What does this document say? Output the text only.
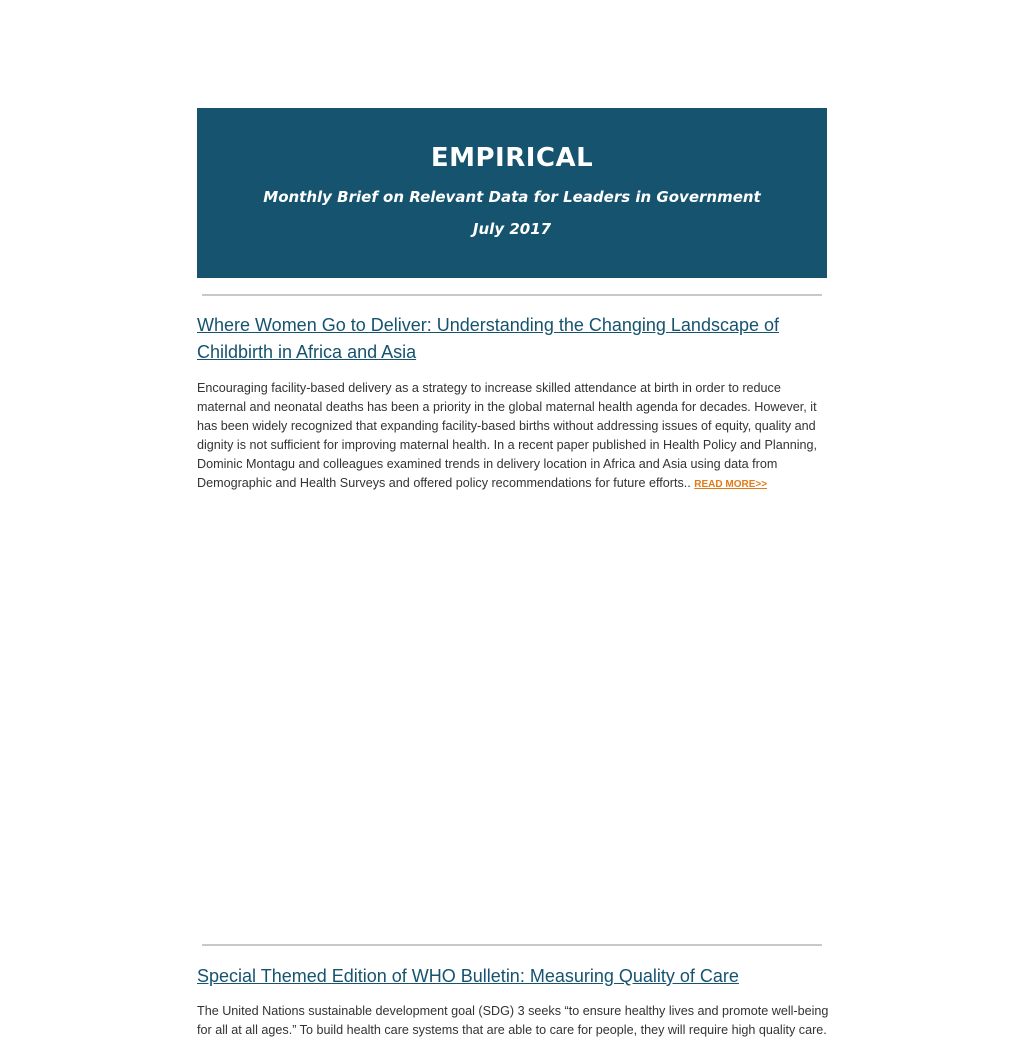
EMPIRICAL
Monthly Brief on Relevant Data for Leaders in Government
July 2017
Where Women Go to Deliver: Understanding the Changing Landscape of Childbirth in Africa and Asia
Encouraging facility-based delivery as a strategy to increase skilled attendance at birth in order to reduce maternal and neonatal deaths has been a priority in the global maternal health agenda for decades. However, it has been widely recognized that expanding facility-based births without addressing issues of equity, quality and dignity is not sufficient for improving maternal health. In a recent paper published in Health Policy and Planning, Dominic Montagu and colleagues examined trends in delivery location in Africa and Asia using data from Demographic and Health Surveys and offered policy recommendations for future efforts.. READ MORE>>
Special Themed Edition of WHO Bulletin: Measuring Quality of Care
The United Nations sustainable development goal (SDG) 3 seeks “to ensure healthy lives and promote well-being for all at all ages.” To build health care systems that are able to care for people, they will require high quality care.
